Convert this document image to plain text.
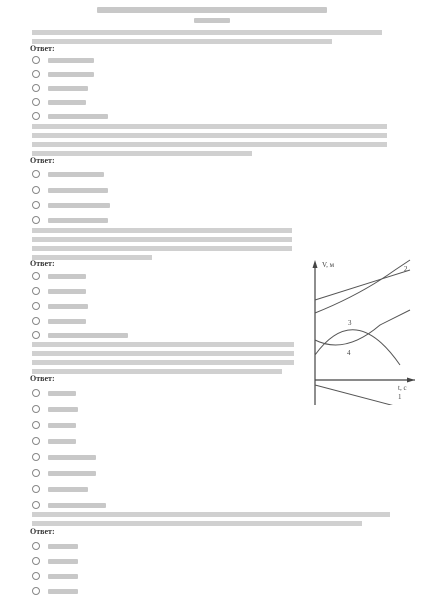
Ответ:
Ответ:
Ответ:
Ответ:
Ответ:
V, м
t, с
2
3
4
1
